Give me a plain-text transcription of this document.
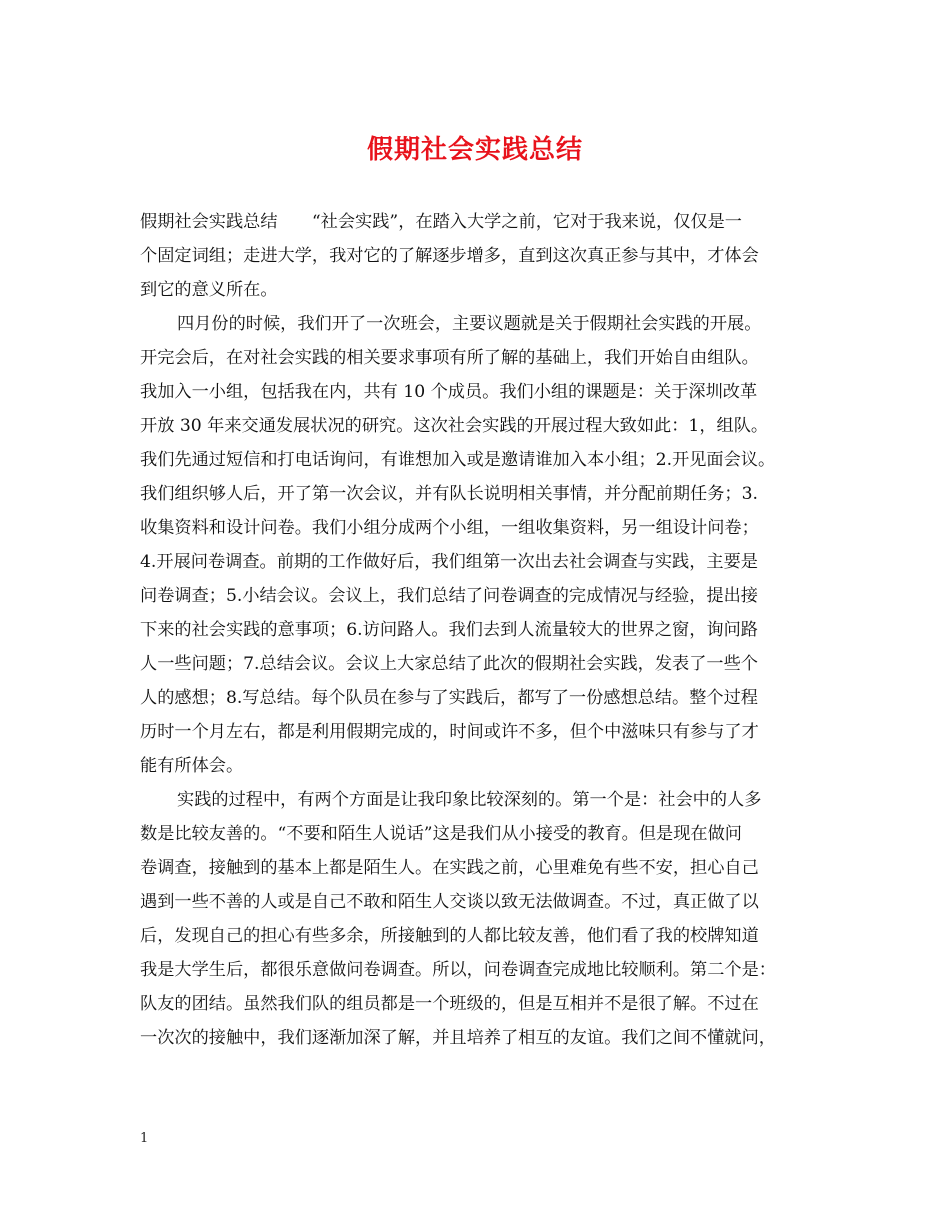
假期社会实践总结
假期社会实践总结　　“社会实践”，在踏入大学之前，它对于我来说，仅仅是一
个固定词组；走进大学，我对它的了解逐步增多，直到这次真正参与其中，才体会
到它的意义所在。
四月份的时候，我们开了一次班会，主要议题就是关于假期社会实践的开展。
开完会后，在对社会实践的相关要求事项有所了解的基础上，我们开始自由组队。
我加入一小组，包括我在内，共有 10 个成员。我们小组的课题是：关于深圳改革
开放 30 年来交通发展状况的研究。这次社会实践的开展过程大致如此：1，组队。
我们先通过短信和打电话询问，有谁想加入或是邀请谁加入本小组；2.开见面会议。
我们组织够人后，开了第一次会议，并有队长说明相关事情，并分配前期任务；3.
收集资料和设计问卷。我们小组分成两个小组，一组收集资料，另一组设计问卷；
4.开展问卷调查。前期的工作做好后，我们组第一次出去社会调查与实践，主要是
问卷调查；5.小结会议。会议上，我们总结了问卷调查的完成情况与经验，提出接
下来的社会实践的意事项；6.访问路人。我们去到人流量较大的世界之窗，询问路
人一些问题；7.总结会议。会议上大家总结了此次的假期社会实践，发表了一些个
人的感想；8.写总结。每个队员在参与了实践后，都写了一份感想总结。整个过程
历时一个月左右，都是利用假期完成的，时间或许不多，但个中滋味只有参与了才
能有所体会。
实践的过程中，有两个方面是让我印象比较深刻的。第一个是：社会中的人多
数是比较友善的。“不要和陌生人说话”这是我们从小接受的教育。但是现在做问
卷调查，接触到的基本上都是陌生人。在实践之前，心里难免有些不安，担心自己
遇到一些不善的人或是自己不敢和陌生人交谈以致无法做调查。不过，真正做了以
后，发现自己的担心有些多余，所接触到的人都比较友善，他们看了我的校牌知道
我是大学生后，都很乐意做问卷调查。所以，问卷调查完成地比较顺利。第二个是：
队友的团结。虽然我们队的组员都是一个班级的，但是互相并不是很了解。不过在
一次次的接触中，我们逐渐加深了解，并且培养了相互的友谊。我们之间不懂就问，
1
